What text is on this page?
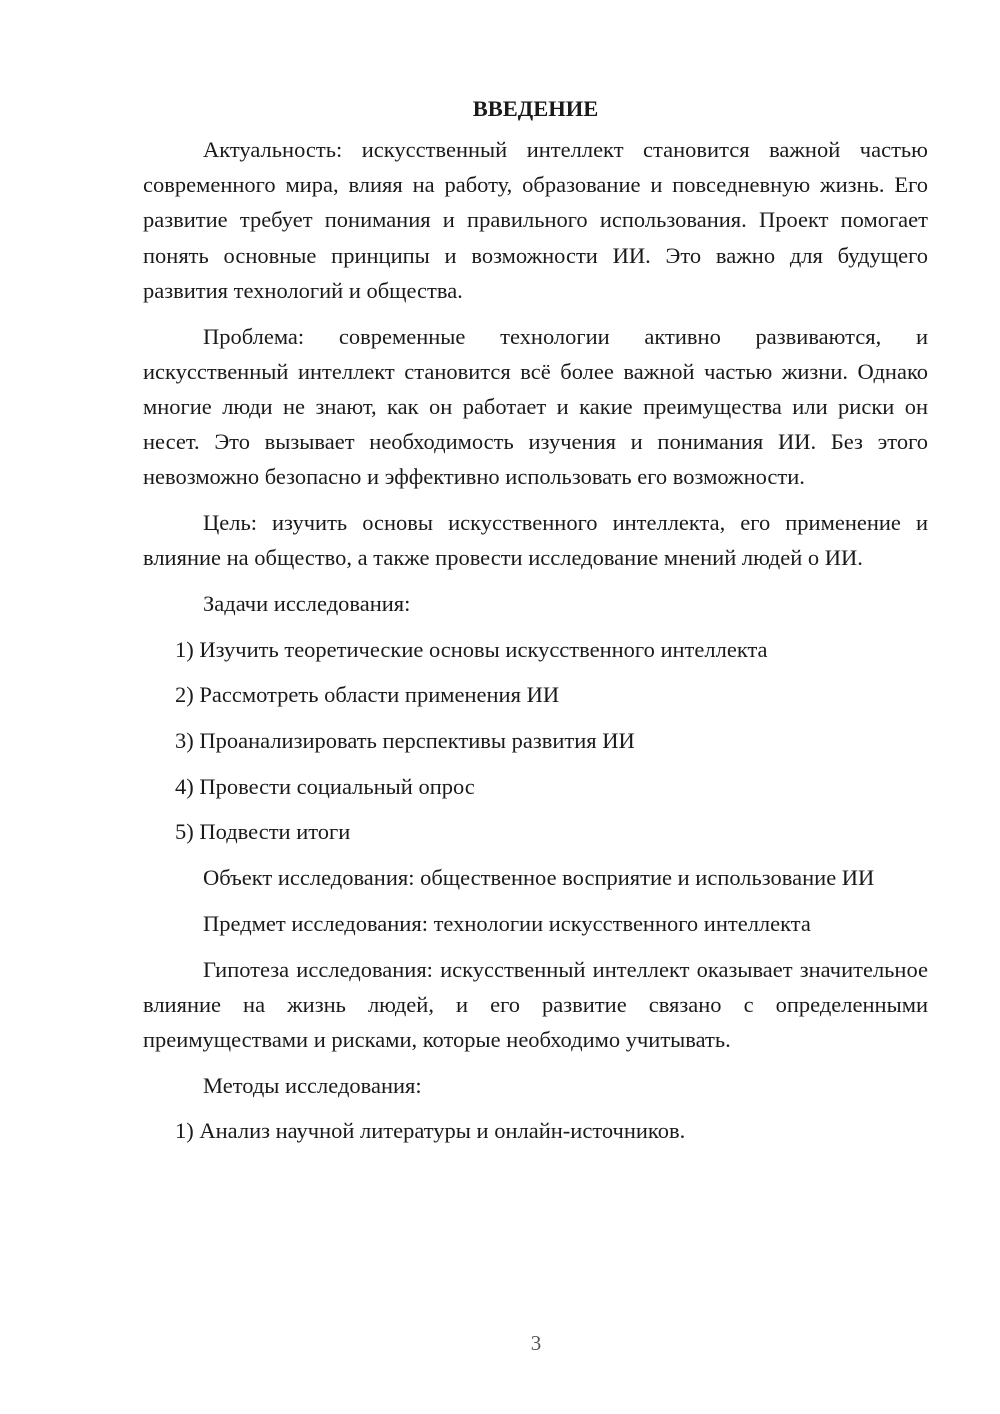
ВВЕДЕНИЕ

Актуальность: искусственный интеллект становится важной частью современного мира, влияя на работу, образование и повседневную жизнь. Его развитие требует понимания и правильного использования. Проект помогает понять основные принципы и возможности ИИ. Это важно для будущего развития технологий и общества.

Проблема: современные технологии активно развиваются, и искусственный интеллект становится всё более важной частью жизни. Однако многие люди не знают, как он работает и какие преимущества или риски он несет. Это вызывает необходимость изучения и понимания ИИ. Без этого невозможно безопасно и эффективно использовать его возможности.

Цель: изучить основы искусственного интеллекта, его применение и влияние на общество, а также провести исследование мнений людей о ИИ.

Задачи исследования:

1) Изучить теоретические основы искусственного интеллекта

2) Рассмотреть области применения ИИ

3) Проанализировать перспективы развития ИИ

4) Провести социальный опрос

5) Подвести итоги

Объект исследования: общественное восприятие и использование ИИ

Предмет исследования: технологии искусственного интеллекта

Гипотеза исследования: искусственный интеллект оказывает значительное влияние на жизнь людей, и его развитие связано с определенными преимуществами и рисками, которые необходимо учитывать.

Методы исследования:

1) Анализ научной литературы и онлайн-источников.

3
